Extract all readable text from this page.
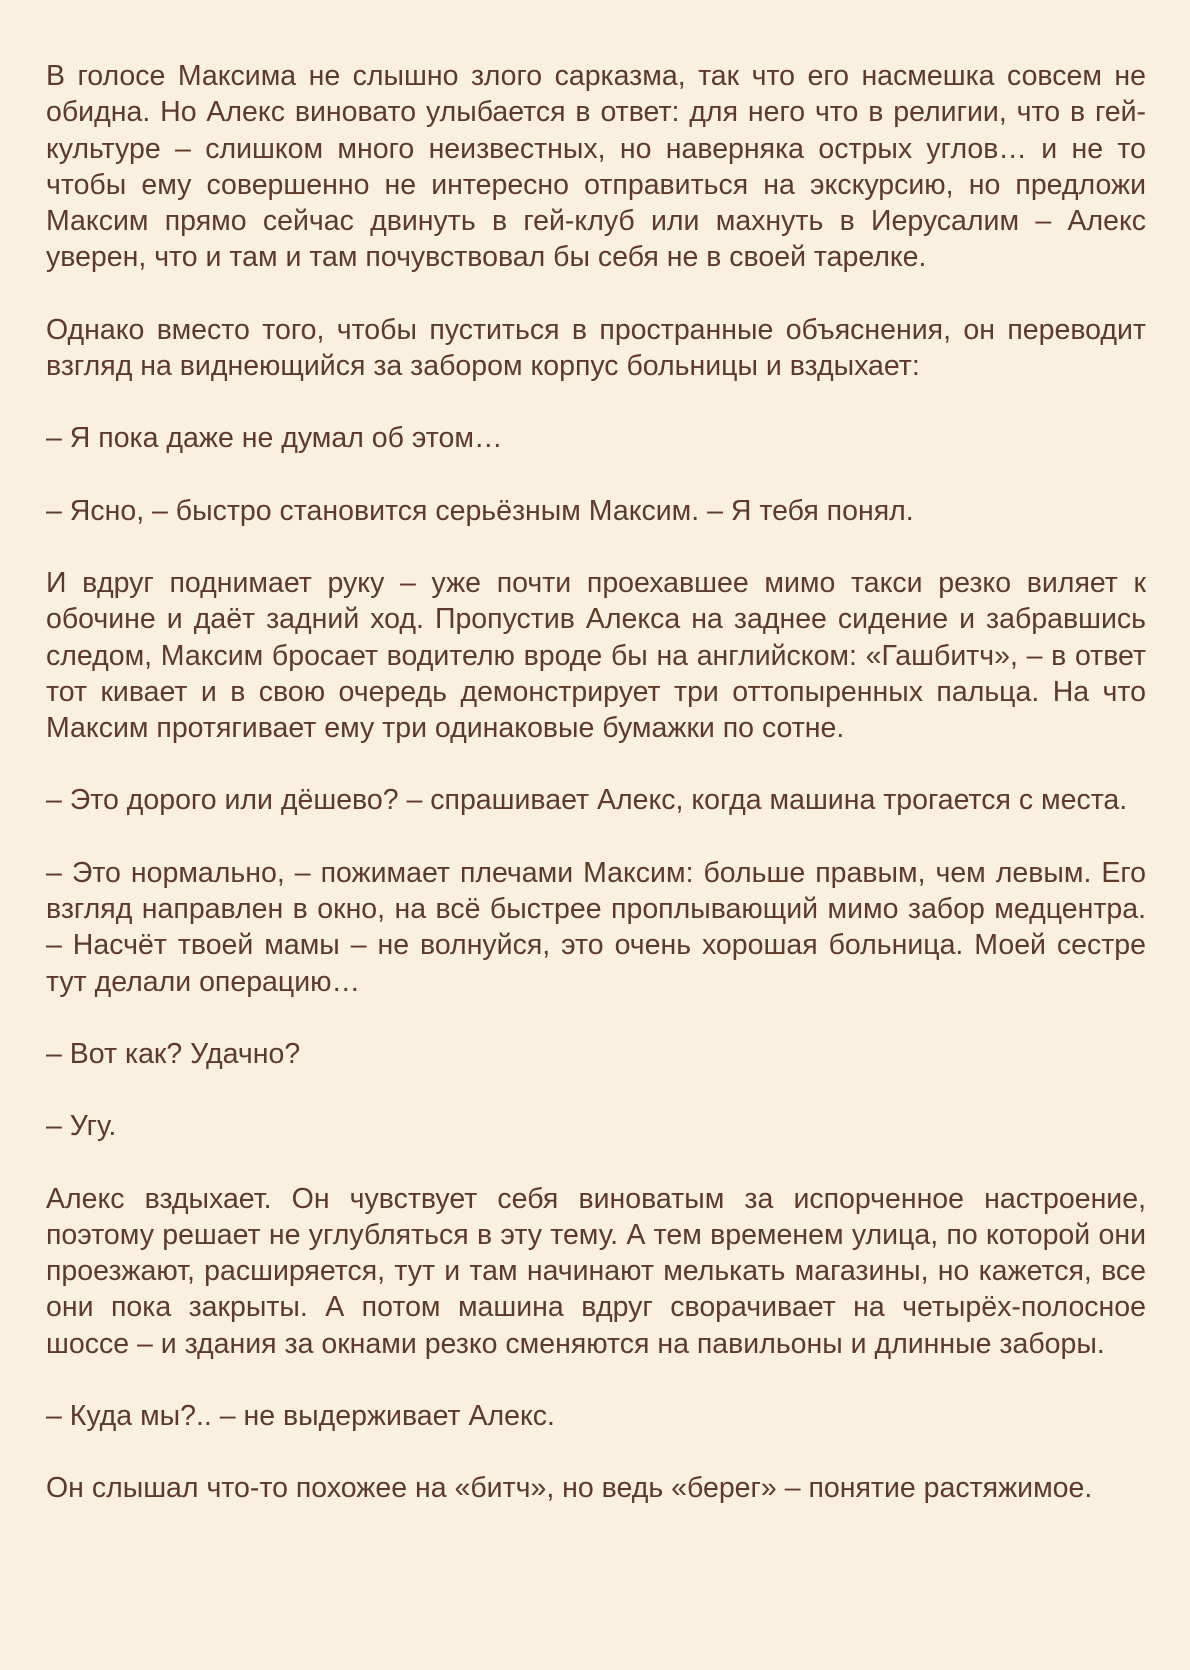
В голосе Максима не слышно злого сарказма, так что его насмешка совсем не обидна. Но Алекс виновато улыбается в ответ: для него что в религии, что в гей-культуре – слишком много неизвестных, но наверняка острых углов… и не то чтобы ему совершенно не интересно отправиться на экскурсию, но предложи Максим прямо сейчас двинуть в гей-клуб или махнуть в Иерусалим – Алекс уверен, что и там и там почувствовал бы себя не в своей тарелке.

Однако вместо того, чтобы пуститься в пространные объяснения, он переводит взгляд на виднеющийся за забором корпус больницы и вздыхает:

– Я пока даже не думал об этом…

– Ясно, – быстро становится серьёзным Максим. – Я тебя понял.

И вдруг поднимает руку – уже почти проехавшее мимо такси резко виляет к обочине и даёт задний ход. Пропустив Алекса на заднее сидение и забравшись следом, Максим бросает водителю вроде бы на английском: «Гашбитч», – в ответ тот кивает и в свою очередь демонстрирует три оттопыренных пальца. На что Максим протягивает ему три одинаковые бумажки по сотне.

– Это дорого или дёшево? – спрашивает Алекс, когда машина трогается с места.

– Это нормально, – пожимает плечами Максим: больше правым, чем левым. Его взгляд направлен в окно, на всё быстрее проплывающий мимо забор медцентра. – Насчёт твоей мамы – не волнуйся, это очень хорошая больница. Моей сестре тут делали операцию…

– Вот как? Удачно?

– Угу.

Алекс вздыхает. Он чувствует себя виноватым за испорченное настроение, поэтому решает не углубляться в эту тему. А тем временем улица, по которой они проезжают, расширяется, тут и там начинают мелькать магазины, но кажется, все они пока закрыты. А потом машина вдруг сворачивает на четырёх-полосное шоссе – и здания за окнами резко сменяются на павильоны и длинные заборы.

– Куда мы?.. – не выдерживает Алекс.

Он слышал что-то похожее на «битч», но ведь «берег» – понятие растяжимое.
